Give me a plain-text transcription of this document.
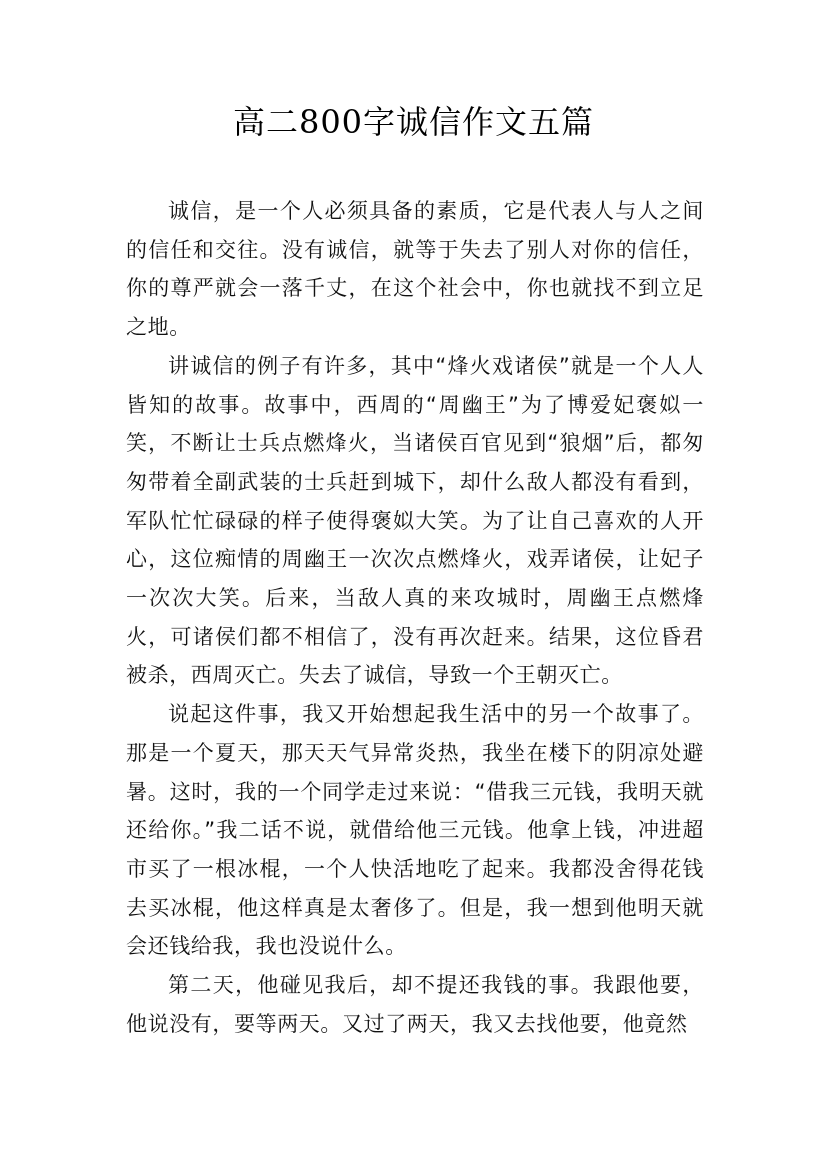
高二800字诚信作文五篇

诚信，是一个人必须具备的素质，它是代表人与人之间的信任和交往。没有诚信，就等于失去了别人对你的信任，你的尊严就会一落千丈，在这个社会中，你也就找不到立足之地。

讲诚信的例子有许多，其中“烽火戏诸侯”就是一个人人皆知的故事。故事中，西周的“周幽王”为了博爱妃褒姒一笑，不断让士兵点燃烽火，当诸侯百官见到“狼烟”后，都匆匆带着全副武装的士兵赶到城下，却什么敌人都没有看到，军队忙忙碌碌的样子使得褒姒大笑。为了让自己喜欢的人开心，这位痴情的周幽王一次次点燃烽火，戏弄诸侯，让妃子一次次大笑。后来，当敌人真的来攻城时，周幽王点燃烽火，可诸侯们都不相信了，没有再次赶来。结果，这位昏君被杀，西周灭亡。失去了诚信，导致一个王朝灭亡。

说起这件事，我又开始想起我生活中的另一个故事了。那是一个夏天，那天天气异常炎热，我坐在楼下的阴凉处避暑。这时，我的一个同学走过来说：“借我三元钱，我明天就还给你。”我二话不说，就借给他三元钱。他拿上钱，冲进超市买了一根冰棍，一个人快活地吃了起来。我都没舍得花钱去买冰棍，他这样真是太奢侈了。但是，我一想到他明天就会还钱给我，我也没说什么。

第二天，他碰见我后，却不提还我钱的事。我跟他要，他说没有，要等两天。又过了两天，我又去找他要，他竟然
